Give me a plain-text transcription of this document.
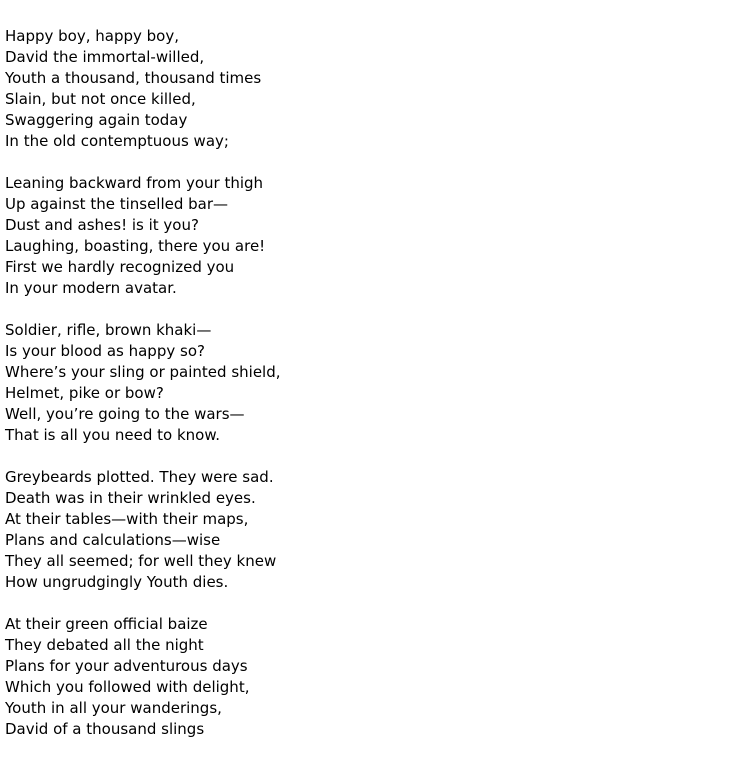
Happy boy, happy boy,
David the immortal-willed,
Youth a thousand, thousand times
Slain, but not once killed,
Swaggering again today
In the old contemptuous way;
Leaning backward from your thigh
Up against the tinselled bar—
Dust and ashes! is it you?
Laughing, boasting, there you are!
First we hardly recognized you
In your modern avatar.
Soldier, rifle, brown khaki—
Is your blood as happy so?
Where’s your sling or painted shield,
Helmet, pike or bow?
Well, you’re going to the wars—
That is all you need to know.
Greybeards plotted. They were sad.
Death was in their wrinkled eyes.
At their tables—with their maps,
Plans and calculations—wise
They all seemed; for well they knew
How ungrudgingly Youth dies.
At their green official baize
They debated all the night
Plans for your adventurous days
Which you followed with delight,
Youth in all your wanderings,
David of a thousand slings
